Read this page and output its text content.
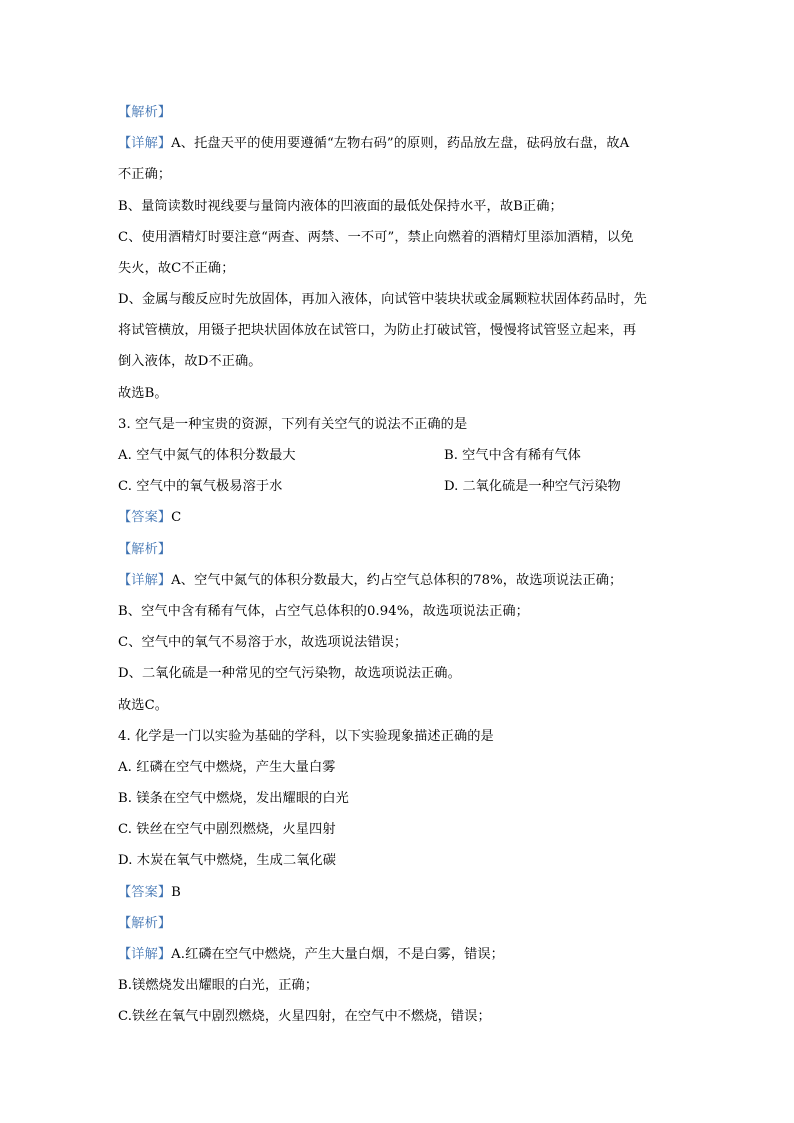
【解析】
【详解】A、托盘天平的使用要遵循“左物右码”的原则，药品放左盘，砝码放右盘，故A
不正确；
B、量筒读数时视线要与量筒内液体的凹液面的最低处保持水平，故B正确；
C、使用酒精灯时要注意“两查、两禁、一不可”，禁止向燃着的酒精灯里添加酒精，以免
失火，故C不正确；
D、金属与酸反应时先放固体，再加入液体，向试管中装块状或金属颗粒状固体药品时，先
将试管横放，用镊子把块状固体放在试管口，为防止打破试管，慢慢将试管竖立起来，再
倒入液体，故D不正确。
故选B。
3. 空气是一种宝贵的资源，下列有关空气的说法不正确的是
A. 空气中氮气的体积分数最大	B. 空气中含有稀有气体
C. 空气中的氧气极易溶于水	D. 二氧化硫是一种空气污染物
【答案】C
【解析】
【详解】A、空气中氮气的体积分数最大，约占空气总体积的78%，故选项说法正确；
B、空气中含有稀有气体，占空气总体积的0.94%，故选项说法正确；
C、空气中的氧气不易溶于水，故选项说法错误；
D、二氧化硫是一种常见的空气污染物，故选项说法正确。
故选C。
4. 化学是一门以实验为基础的学科，以下实验现象描述正确的是
A. 红磷在空气中燃烧，产生大量白雾
B. 镁条在空气中燃烧，发出耀眼的白光
C. 铁丝在空气中剧烈燃烧，火星四射
D. 木炭在氧气中燃烧，生成二氧化碳
【答案】B
【解析】
【详解】A.红磷在空气中燃烧，产生大量白烟，不是白雾，错误；
B.镁燃烧发出耀眼的白光，正确；
C.铁丝在氧气中剧烈燃烧，火星四射，在空气中不燃烧，错误；
